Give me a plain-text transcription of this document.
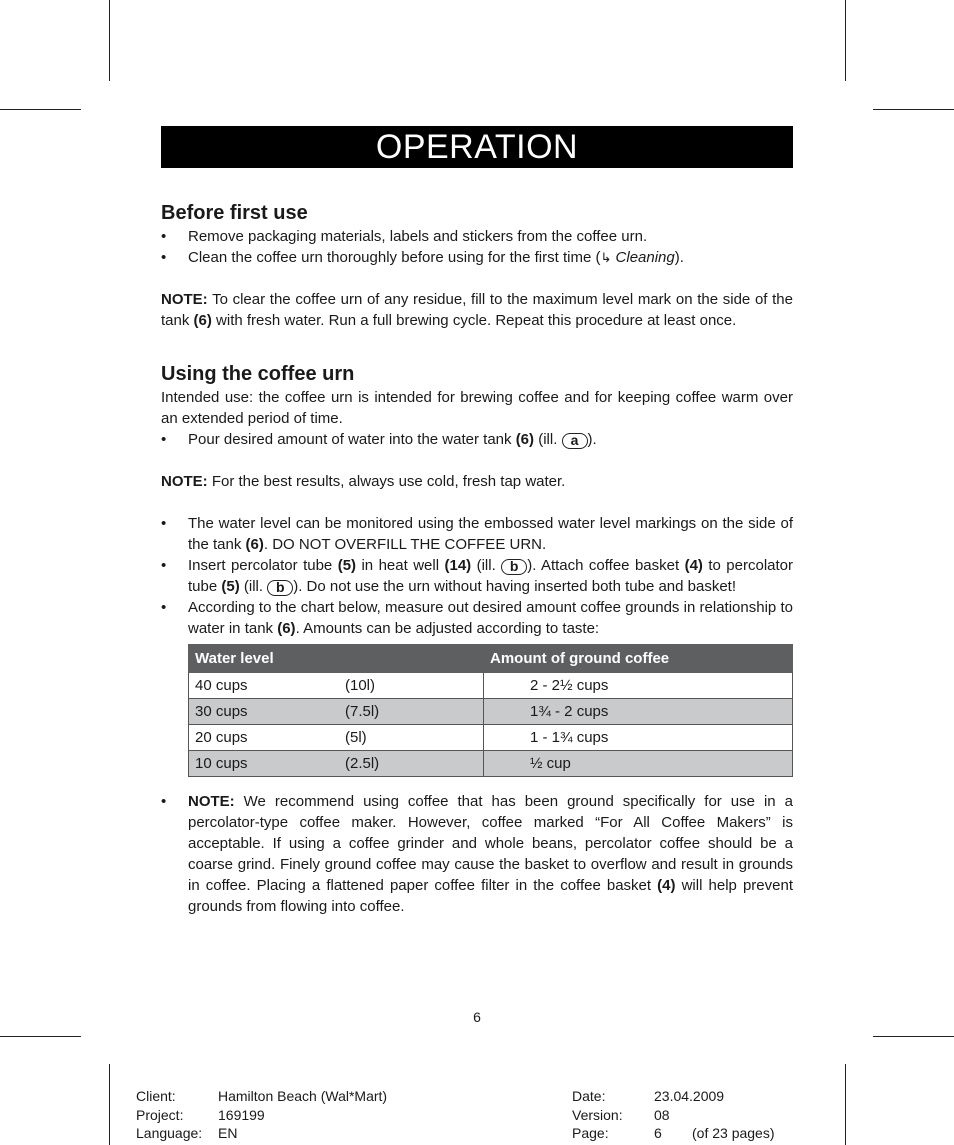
OPERATION
Before first use
• Remove packaging materials, labels and stickers from the coffee urn.
• Clean the coffee urn thoroughly before using for the first time (↳ Cleaning).

NOTE: To clear the coffee urn of any residue, fill to the maximum level mark on the side of the tank (6) with fresh water. Run a full brewing cycle. Repeat this procedure at least once.

Using the coffee urn

Intended use: the coffee urn is intended for brewing coffee and for keeping coffee warm over an extended period of time.

• Pour desired amount of water into the water tank (6) (ill. a ).

NOTE: For the best results, always use cold, fresh tap water.

• The water level can be monitored using the embossed water level markings on the side of the tank (6). DO NOT OVERFILL THE COFFEE URN.
• Insert percolator tube (5) in heat well (14) (ill. b ). Attach coffee basket (4) to percolator tube (5) (ill. b ). Do not use the urn without having inserted both tube and basket!
• According to the chart below, measure out desired amount coffee grounds in relationship to water in tank (6). Amounts can be adjusted according to taste:
Water level		Amount of ground coffee
40 cups	(10l)	2 - 2½ cups
30 cups	(7.5l)	1¾ - 2 cups
20 cups	(5l)	1 - 1¾ cups
10 cups	(2.5l)	½ cup
• NOTE: We recommend using coffee that has been ground specifically for use in a percolator-type coffee maker. However, coffee marked “For All Coffee Makers” is acceptable. If using a coffee grinder and whole beans, percolator coffee should be a coarse grind. Finely ground coffee may cause the basket to overflow and result in grounds in coffee. Placing a flattened paper coffee filter in the coffee basket (4) will help prevent grounds from flowing into coffee.
6
Client:	Hamilton Beach (Wal*Mart)
Project:	169199
Language:	EN
Date:	23.04.2009
Version:	08
Page:	6	(of 23 pages)
